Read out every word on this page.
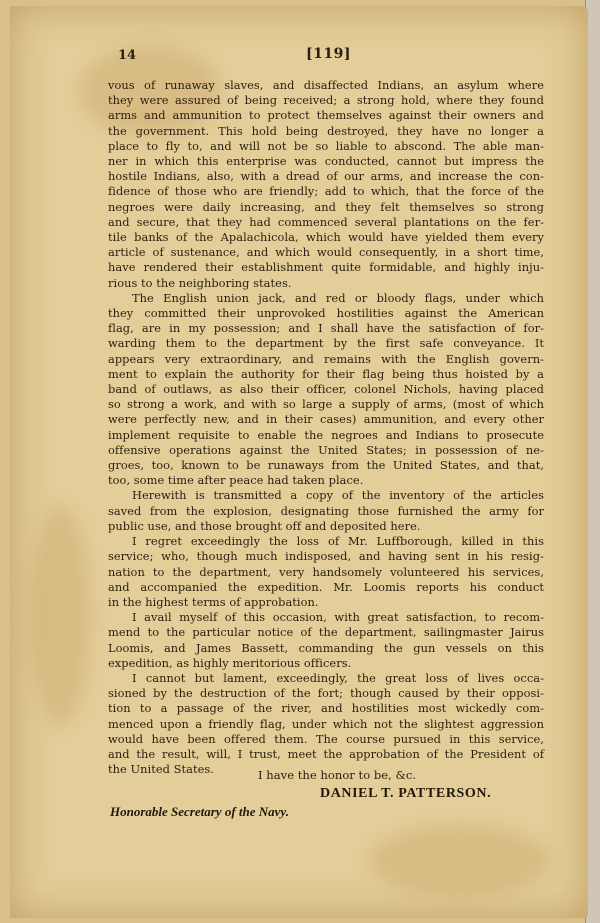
14	[119]
vous of runaway slaves, and disaffected Indians, an asylum where
they were assured of being received; a strong hold, where they found
arms and ammunition to protect themselves against their owners and
the government. This hold being destroyed, they have no longer a
place to fly to, and will not be so liable to abscond. The able man-
ner in which this enterprise was conducted, cannot but impress the
hostile Indians, also, with a dread of our arms, and increase the con-
fidence of those who are friendly; add to which, that the force of the
negroes were daily increasing, and they felt themselves so strong
and secure, that they had commenced several plantations on the fer-
tile banks of the Apalachicola, which would have yielded them every
article of sustenance, and which would consequently, in a short time,
have rendered their establishment quite formidable, and highly inju-
rious to the neighboring states.
The English union jack, and red or bloody flags, under which
they committed their unprovoked hostilities against the American
flag, are in my possession; and I shall have the satisfaction of for-
warding them to the department by the first safe conveyance. It
appears very extraordinary, and remains with the English govern-
ment to explain the authority for their flag being thus hoisted by a
band of outlaws, as also their officer, colonel Nichols, having placed
so strong a work, and with so large a supply of arms, (most of which
were perfectly new, and in their cases) ammunition, and every other
implement requisite to enable the negroes and Indians to prosecute
offensive operations against the United States; in possession of ne-
groes, too, known to be runaways from the United States, and that,
too, some time after peace had taken place.
Herewith is transmitted a copy of the inventory of the articles
saved from the explosion, designating those furnished the army for
public use, and those brought off and deposited here.
I regret exceedingly the loss of Mr. Luffborough, killed in this
service; who, though much indisposed, and having sent in his resig-
nation to the department, very handsomely volunteered his services,
and accompanied the expedition. Mr. Loomis reports his conduct
in the highest terms of approbation.
I avail myself of this occasion, with great satisfaction, to recom-
mend to the particular notice of the department, sailingmaster Jairus
Loomis, and James Bassett, commanding the gun vessels on this
expedition, as highly meritorious officers.
I cannot but lament, exceedingly, the great loss of lives occa-
sioned by the destruction of the fort; though caused by their opposi-
tion to a passage of the river, and hostilities most wickedly com-
menced upon a friendly flag, under which not the slightest aggression
would have been offered them. The course pursued in this service,
and the result, will, I trust, meet the approbation of the President of
the United States.	I have the honor to be, &c.
DANIEL T. PATTERSON.
Honorable Secretary of the Navy.
